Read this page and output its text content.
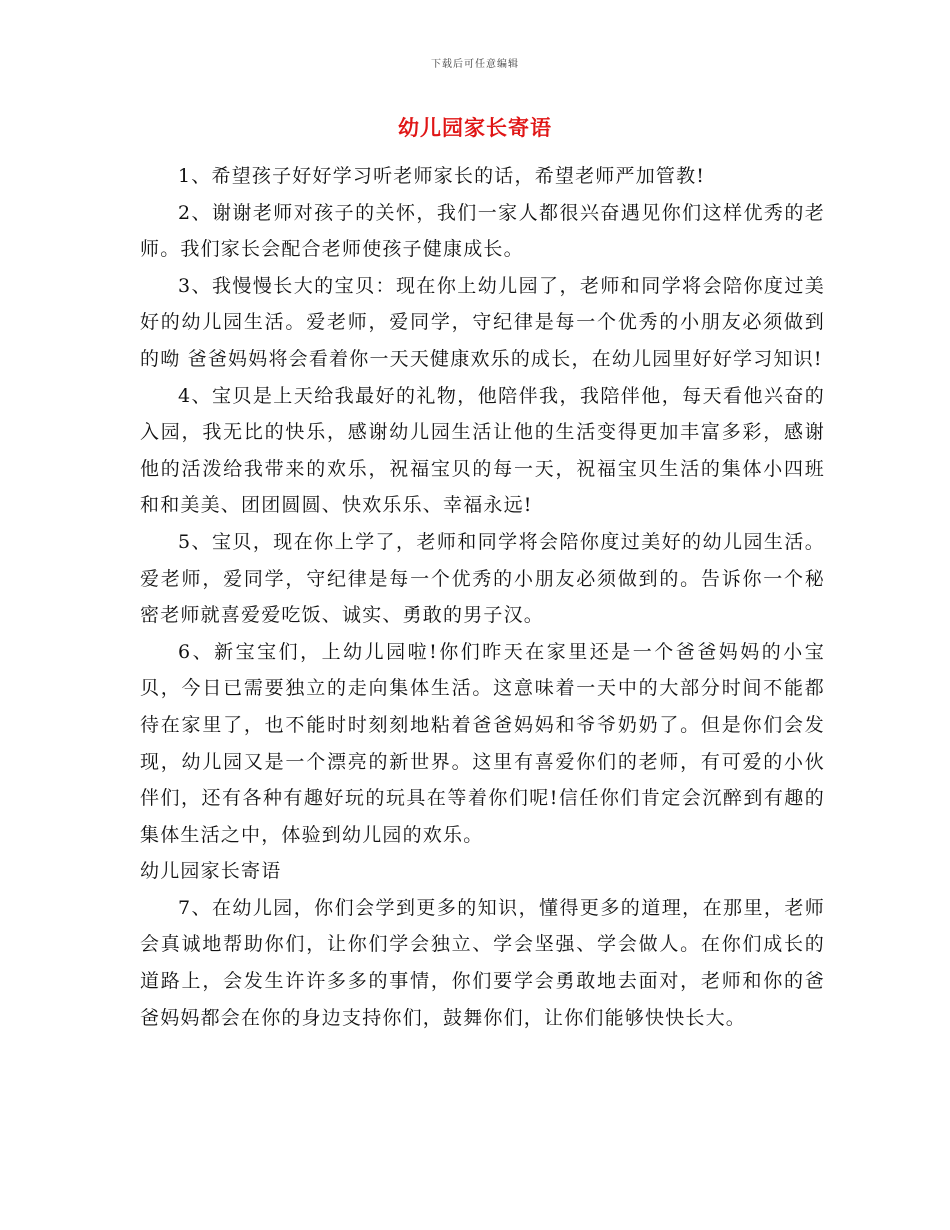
下载后可任意编辑
幼儿园家长寄语

1、希望孩子好好学习听老师家长的话，希望老师严加管教!

2、谢谢老师对孩子的关怀，我们一家人都很兴奋遇见你们这样优秀的老师。我们家长会配合老师使孩子健康成长。

3、我慢慢长大的宝贝：现在你上幼儿园了，老师和同学将会陪你度过美好的幼儿园生活。爱老师，爱同学，守纪律是每一个优秀的小朋友必须做到的呦 爸爸妈妈将会看着你一天天健康欢乐的成长，在幼儿园里好好学习知识!

4、宝贝是上天给我最好的礼物，他陪伴我，我陪伴他，每天看他兴奋的入园，我无比的快乐，感谢幼儿园生活让他的生活变得更加丰富多彩，感谢他的活泼给我带来的欢乐，祝福宝贝的每一天，祝福宝贝生活的集体小四班和和美美、团团圆圆、快欢乐乐、幸福永远!

5、宝贝，现在你上学了，老师和同学将会陪你度过美好的幼儿园生活。爱老师，爱同学，守纪律是每一个优秀的小朋友必须做到的。告诉你一个秘密老师就喜爱爱吃饭、诚实、勇敢的男子汉。

6、新宝宝们，上幼儿园啦!你们昨天在家里还是一个爸爸妈妈的小宝贝，今日已需要独立的走向集体生活。这意味着一天中的大部分时间不能都待在家里了，也不能时时刻刻地粘着爸爸妈妈和爷爷奶奶了。但是你们会发现，幼儿园又是一个漂亮的新世界。这里有喜爱你们的老师，有可爱的小伙伴们，还有各种有趣好玩的玩具在等着你们呢!信任你们肯定会沉醉到有趣的集体生活之中，体验到幼儿园的欢乐。

幼儿园家长寄语

7、在幼儿园，你们会学到更多的知识，懂得更多的道理，在那里，老师会真诚地帮助你们，让你们学会独立、学会坚强、学会做人。在你们成长的道路上，会发生许许多多的事情，你们要学会勇敢地去面对，老师和你的爸爸妈妈都会在你的身边支持你们，鼓舞你们，让你们能够快快长大。
